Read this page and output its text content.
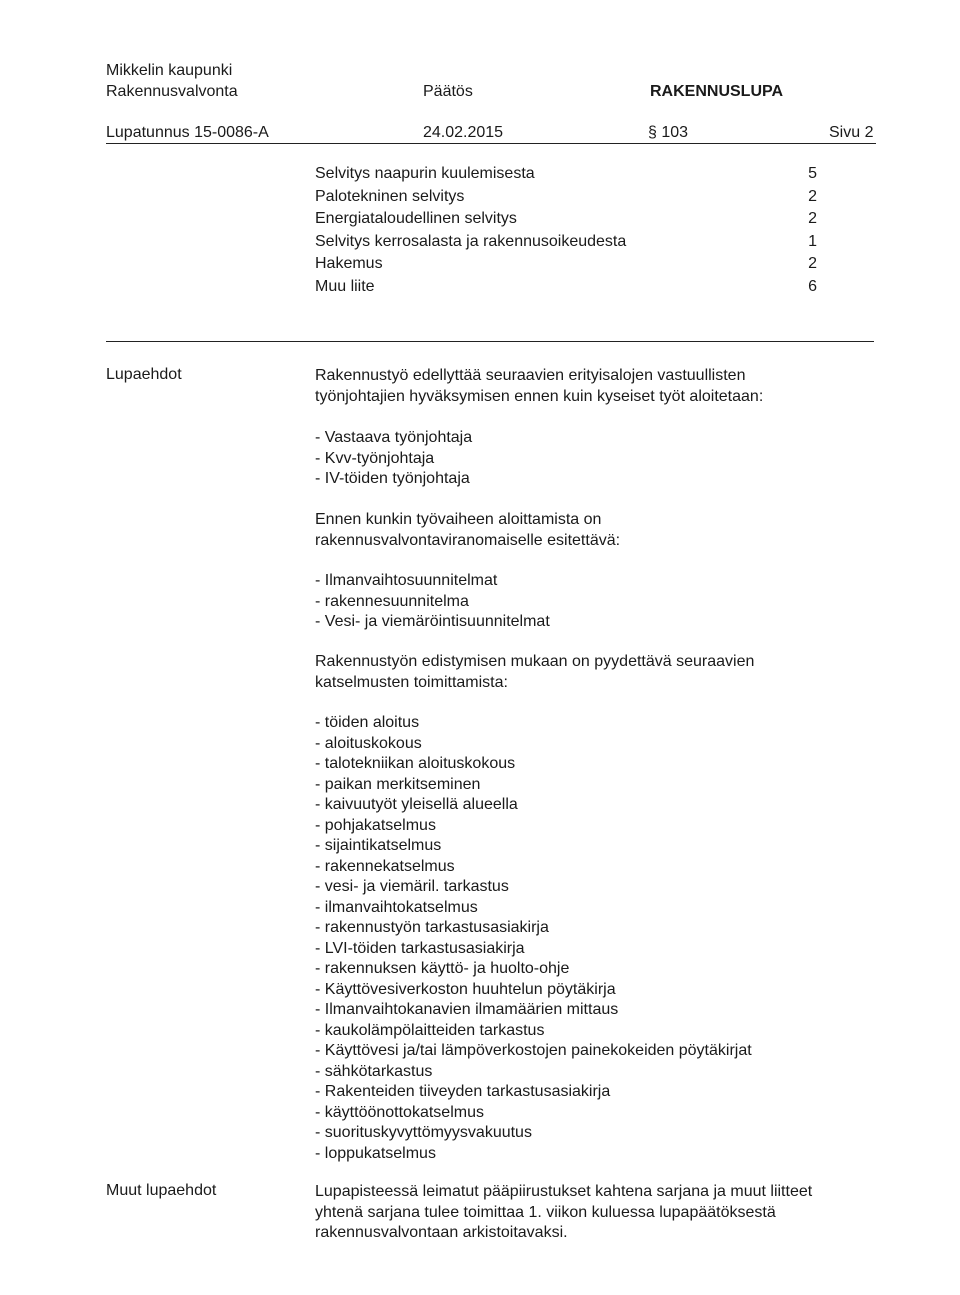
Mikkelin kaupunki
Rakennusvalvonta	Päätös	RAKENNUSLUPA
Lupatunnus 15-0086-A	24.02.2015	§ 103	Sivu 2
Selvitys naapurin kuulemisesta	5
Palotekninen selvitys	2
Energiataloudellinen selvitys	2
Selvitys kerrosalasta ja rakennusoikeudesta	1
Hakemus	2
Muu liite	6
Lupaehdot	Rakennustyö edellyttää seuraavien erityisalojen vastuullisten
työnjohtajien hyväksymisen ennen kuin kyseiset työt aloitetaan:
- Vastaava työnjohtaja
- Kvv-työnjohtaja
- IV-töiden työnjohtaja
Ennen kunkin työvaiheen aloittamista on
rakennusvalvontaviranomaiselle esitettävä:
- Ilmanvaihtosuunnitelmat
- rakennesuunnitelma
- Vesi- ja viemäröintisuunnitelmat
Rakennustyön edistymisen mukaan on pyydettävä seuraavien
katselmusten toimittamista:
- töiden aloitus
- aloituskokous
- talotekniikan aloituskokous
- paikan merkitseminen
- kaivuutyöt yleisellä alueella
- pohjakatselmus
- sijaintikatselmus
- rakennekatselmus
- vesi- ja viemäril. tarkastus
- ilmanvaihtokatselmus
- rakennustyön tarkastusasiakirja
- LVI-töiden tarkastusasiakirja
- rakennuksen käyttö- ja huolto-ohje
- Käyttövesiverkoston huuhtelun pöytäkirja
- Ilmanvaihtokanavien ilmamäärien mittaus
- kaukolämpölaitteiden tarkastus
- Käyttövesi ja/tai lämpöverkostojen painekokeiden pöytäkirjat
- sähkötarkastus
- Rakenteiden tiiveyden tarkastusasiakirja
- käyttöönottokatselmus
- suorituskyvyttömyysvakuutus
- loppukatselmus
Muut lupaehdot	Lupapisteessä leimatut pääpiirustukset kahtena sarjana ja muut liitteet
yhtenä sarjana tulee toimittaa 1. viikon kuluessa lupapäätöksestä
rakennusvalvontaan arkistoitavaksi.
